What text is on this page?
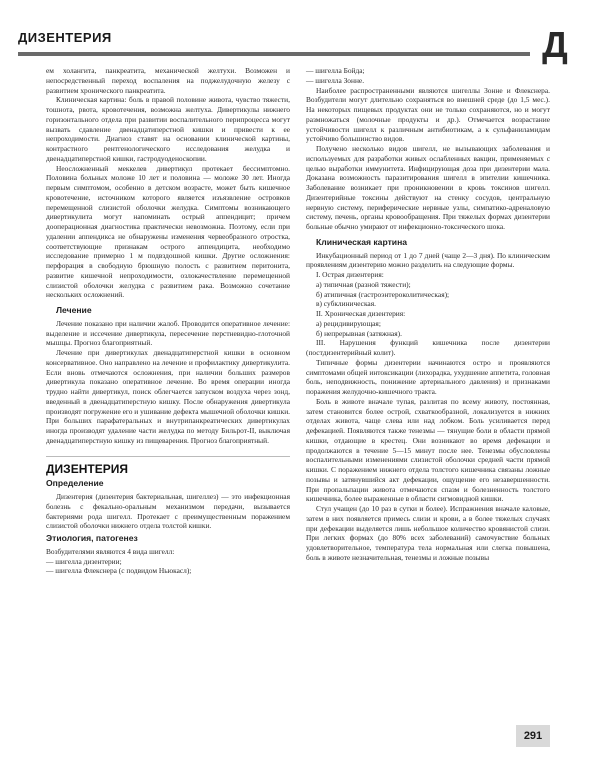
ДИЗЕНТЕРИЯ	Д

ем холангита, панкреатита, механической желтухи. Возможен и непосредственный переход воспаления на поджелудочную железу с развитием хронического панкреатита.

Клиническая картина: боль в правой половине живота, чувство тяжести, тошнота, рвота, кровотечения, возможна желтуха. Дивертикулы нижнего горизонтального отдела при развитии воспалительного перипроцесса могут вызвать сдавление двенадцатиперстной кишки и привести к ее непроходимости. Диагноз ставят на основании клинической картины, контрастного рентгенологического исследования желудка и двенадцатиперстной кишки, гастродуоденоскопии.

Неосложненный меккелев дивертикул протекает бессимптомно. Половина больных моложе 10 лет и половина — моложе 30 лет. Иногда первым симптомом, особенно в детском возрасте, может быть кишечное кровотечение, источником которого является изъязвление островков перемещенной слизистой оболочки желудка. Симптомы возникающего дивертикулита могут напоминать острый аппендицит; причем дооперационная диагностика практически невозможна. Поэтому, если при удалении аппендикса не обнаружены изменения червеобразного отростка, соответствующие признакам острого аппендицита, необходимо исследование примерно 1 м подвздошной кишки. Другие осложнения: перфорация в свободную брюшную полость с развитием перитонита, развитие кишечной непроходимости, озлокачествление перемещенной слизистой оболочки желудка с развитием рака. Возможно сочетание нескольких осложнений.

Лечение

Лечение показано при наличии жалоб. Проводится оперативное лечение: выделение и иссечение дивертикула, пересечение перстневидно-глоточной мышцы. Прогноз благоприятный.

Лечение при дивертикулах двенадцатиперстной кишки в основном консервативное. Оно направлено на лечение и профилактику дивертикулита. Если вновь отмечаются осложнения, при наличии больших размеров дивертикула показано оперативное лечение. Во время операции иногда трудно найти дивертикул, поиск облегчается запуском воздуха через зонд, введенный в двенадцатиперстную кишку. После обнаружения дивертикула производят погружение его и ушивание дефекта мышечной оболочки кишки. При больших парафатеральных и внутрипанкреатических дивертикулах иногда производят удаление части желудка по методу Бильрот-II, выключая двенадцатиперстную кишку из пищеварения. Прогноз благоприятный.

ДИЗЕНТЕРИЯ
Определение

Дизентерия (дизентерия бактериальная, шигеллез) — это инфекционная болезнь с фекально-оральным механизмом передачи, вызывается бактериями рода шигелл. Протекает с преимущественным поражением слизистой оболочки нижнего отдела толстой кишки.

Этиология, патогенез

Возбудителями являются 4 вида шигелл:

— шигелла дизентерии;

— шигелла Флекснера (с подвидом Ньюкасл);

— шигелла Бойда;

— шигелла Зонне.

Наиболее распространенными являются шигеллы Зонне и Флекснера. Возбудители могут длительно сохраняться во внешней среде (до 1,5 мес.). На некоторых пищевых продуктах они не только сохраняются, но и могут размножаться (молочные продукты и др.). Отмечается возрастание устойчивости шигелл к различным антибиотикам, а к сульфаниламидам устойчиво большинство видов.

Получено несколько видов шигелл, не вызывающих заболевания и используемых для разработки живых ослабленных вакцин, применяемых с целью выработки иммунитета. Инфицирующая доза при дизентерии мала. Доказана возможность паразитирования шигелл в эпителии кишечника. Заболевание возникает при проникновении в кровь токсинов шигелл. Дизентерийные токсины действуют на стенку сосудов, центральную нервную систему, периферические нервные узлы, симпатико-адреналовую систему, печень, органы кровообращения. При тяжелых формах дизентерии больные обычно умирают от инфекционно-токсического шока.

Клиническая картина

Инкубационный период от 1 до 7 дней (чаще 2—3 дня). По клиническим проявлениям дизентерию можно разделить на следующие формы.

I. Острая дизентерия:

а) типичная (разной тяжести);

б) атипичная (гастроэнтероколитическая);

в) субклиническая.

II. Хроническая дизентерия:

а) рецидивирующая;

б) непрерывная (затяжная).

III. Нарушения функций кишечника после дизентерии (постдизентерийный колит).

Типичные формы дизентерии начинаются остро и проявляются симптомами общей интоксикации (лихорадка, ухудшение аппетита, головная боль, неподвижность, понижение артериального давления) и признаками поражения желудочно-кишечного тракта.

Боль в животе вначале тупая, разлитая по всему животу, постоянная, затем становится более острой, схваткообразной, локализуется в нижних отделах живота, чаще слева или над лобком. Боль усиливается перед дефекацией. Появляются также тенезмы — тянущие боли в области прямой кишки, отдающие в крестец. Они возникают во время дефекации и продолжаются в течение 5—15 минут после нее. Тенезмы обусловлены воспалительными изменениями слизистой оболочки средней части прямой кишки. С поражением нижнего отдела толстого кишечника связаны ложные позывы и затянувшийся акт дефекации, ощущение его незавершенности. При пропальпации живота отмечаются спазм и болезненность толстого кишечника, более выраженные в области сигмовидной кишки.

Стул учащен (до 10 раз в сутки и более). Испражнения вначале каловые, затем в них появляется примесь слизи и крови, а в более тяжелых случаях при дефекации выделяется лишь небольшое количество кровянистой слизи. При легких формах (до 80% всех заболеваний) самочувствие больных удовлетворительное, температура тела нормальная или слегка повышена, боль в животе незначительная, тенезмы и ложные позывы

291
